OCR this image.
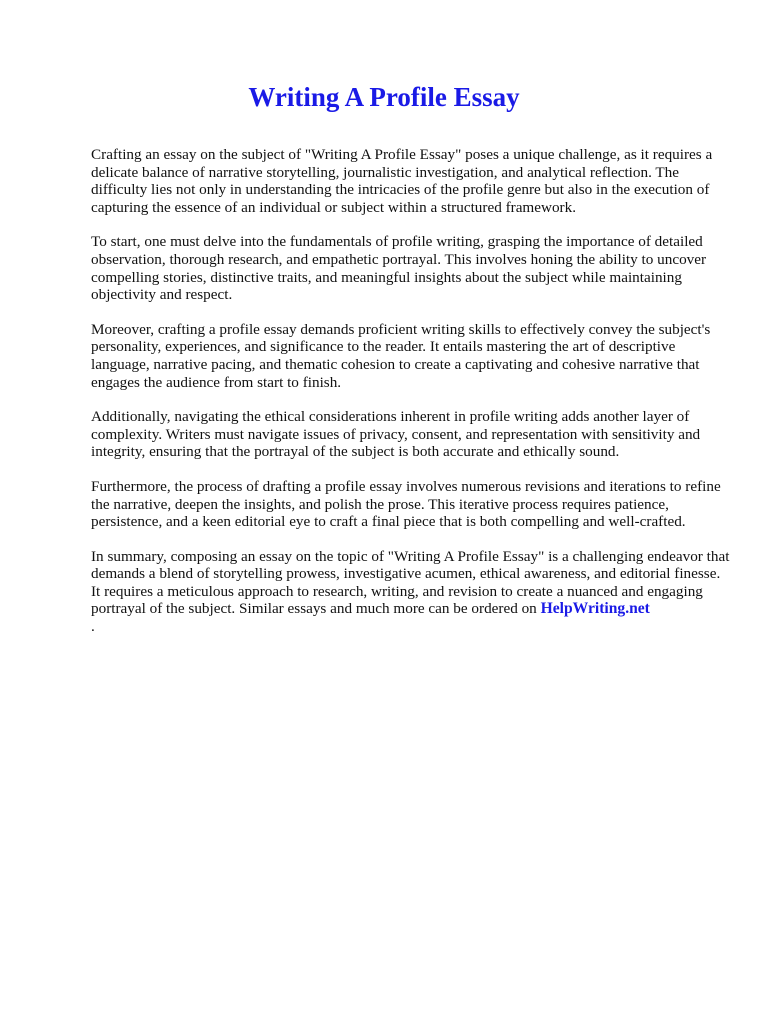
Writing A Profile Essay

Crafting an essay on the subject of "Writing A Profile Essay" poses a unique challenge, as it requires a delicate balance of narrative storytelling, journalistic investigation, and analytical reflection. The difficulty lies not only in understanding the intricacies of the profile genre but also in the execution of capturing the essence of an individual or subject within a structured framework.

To start, one must delve into the fundamentals of profile writing, grasping the importance of detailed observation, thorough research, and empathetic portrayal. This involves honing the ability to uncover compelling stories, distinctive traits, and meaningful insights about the subject while maintaining objectivity and respect.

Moreover, crafting a profile essay demands proficient writing skills to effectively convey the subject's personality, experiences, and significance to the reader. It entails mastering the art of descriptive language, narrative pacing, and thematic cohesion to create a captivating and cohesive narrative that engages the audience from start to finish.

Additionally, navigating the ethical considerations inherent in profile writing adds another layer of complexity. Writers must navigate issues of privacy, consent, and representation with sensitivity and integrity, ensuring that the portrayal of the subject is both accurate and ethically sound.

Furthermore, the process of drafting a profile essay involves numerous revisions and iterations to refine the narrative, deepen the insights, and polish the prose. This iterative process requires patience, persistence, and a keen editorial eye to craft a final piece that is both compelling and well-crafted.

In summary, composing an essay on the topic of "Writing A Profile Essay" is a challenging endeavor that demands a blend of storytelling prowess, investigative acumen, ethical awareness, and editorial finesse. It requires a meticulous approach to research, writing, and revision to create a nuanced and engaging portrayal of the subject. Similar essays and much more can be ordered on HelpWriting.net
.
